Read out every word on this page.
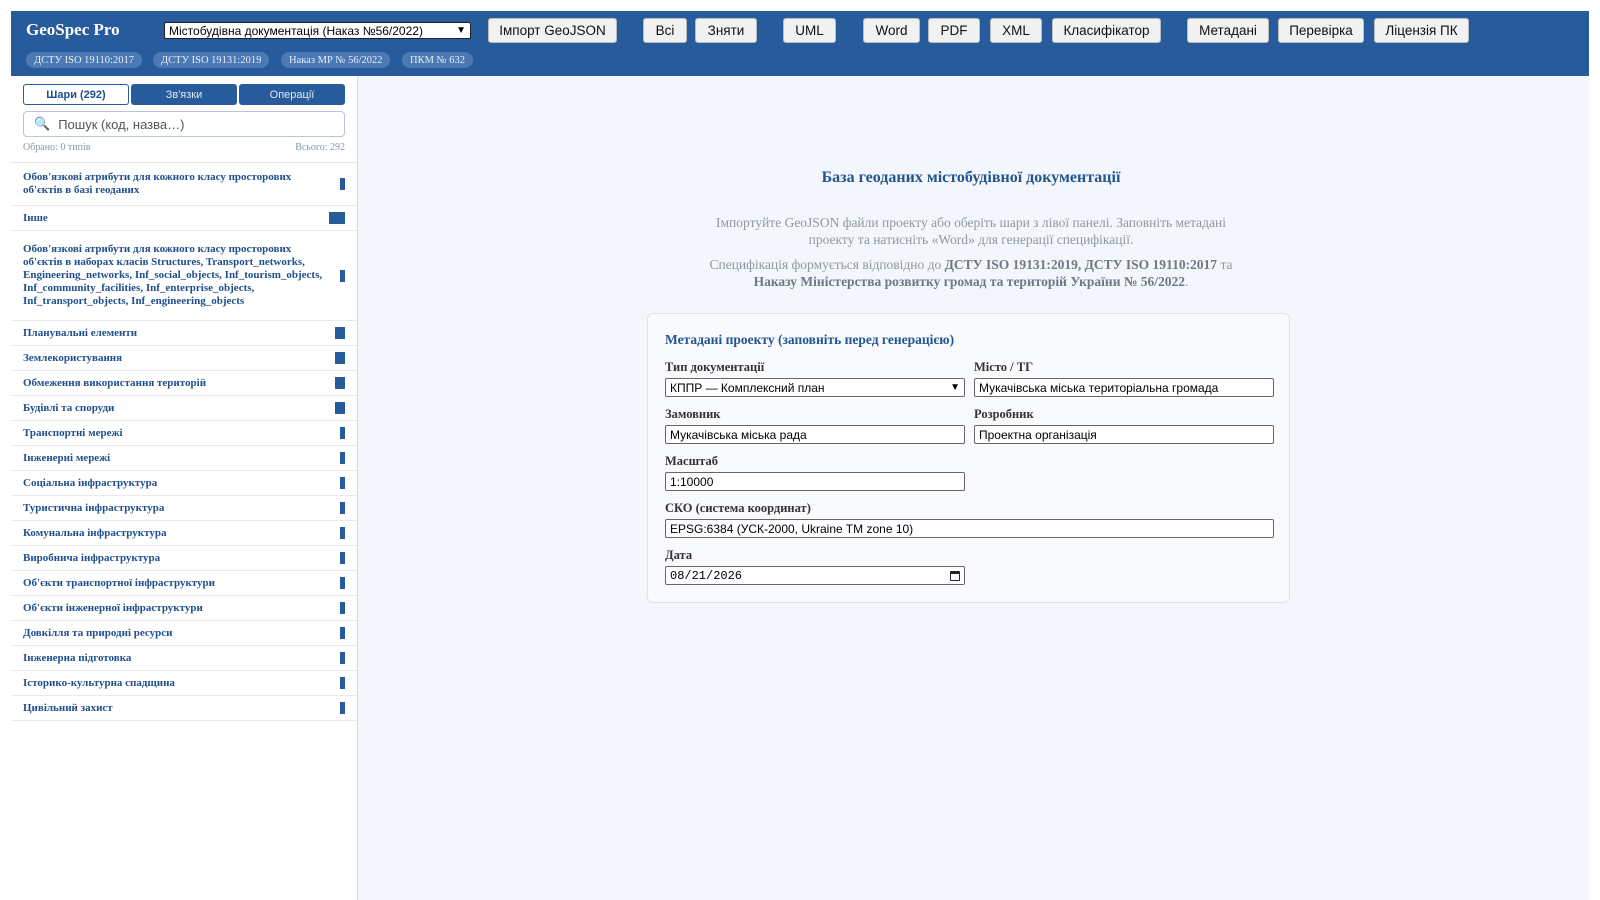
GeoSpec Pro	Містобудівна документація (Наказ №56/2022)	▼	Імпорт GeoJSON	Всі	Зняти	UML	Word	PDF	XML	Класифікатор	Метадані	Перевірка	Ліцензія ПК
ДСТУ ISO 19110:2017	ДСТУ ISO 19131:2019	Наказ МР № 56/2022	ПКМ № 632
Шари (292)	Зв'язки	Операції
🔍 Пошук (код, назва…)
Обрано: 0 типів	Всього: 292
Обов'язкові атрибути для кожного класу просторових об'єктів в базі геоданих
Інше
Обов'язкові атрибути для кожного класу просторових об'єктів в наборах класів Structures, Transport_networks, Engineering_networks, Inf_social_objects, Inf_tourism_objects, Inf_community_facilities, Inf_enterprise_objects, Inf_transport_objects, Inf_engineering_objects
Планувальні елементи
Землекористування
Обмеження використання територій
Будівлі та споруди
Транспортні мережі
Інженерні мережі
Соціальна інфраструктура
Туристична інфраструктура
Комунальна інфраструктура
Виробнича інфраструктура
Об'єкти транспортної інфраструктури
Об'єкти інженерної інфраструктури
Довкілля та природні ресурси
Інженерна підготовка
Історико-культурна спадщина
Цивільний захист
База геоданих містобудівної документації
Імпортуйте GeoJSON файли проекту або оберіть шари з лівої панелі. Заповніть метадані проекту та натисніть «Word» для генерації специфікації.
Специфікація формується відповідно до ДСТУ ISO 19131:2019, ДСТУ ISO 19110:2017 та Наказу Міністерства розвитку громад та територій України № 56/2022.
Метадані проекту (заповніть перед генерацією)
Тип документації
КППР — Комплексний план	▼
Місто / ТГ
Мукачівська міська територіальна громада
Замовник
Мукачівська міська рада
Розробник
Проектна організація
Масштаб
1:10000
СКО (система координат)
EPSG:6384 (УСК-2000, Ukraine TM zone 10)
Дата
08/21/2026
